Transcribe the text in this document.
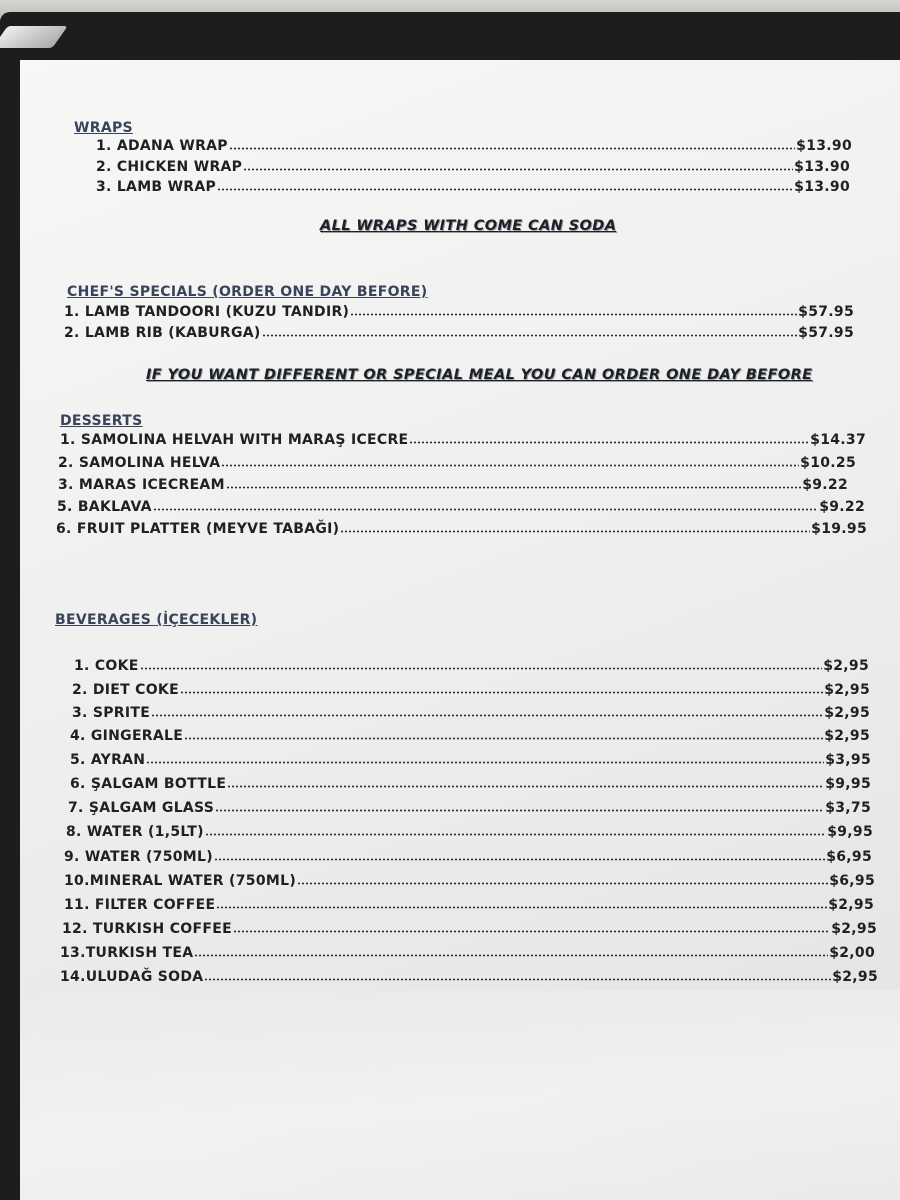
WRAPS
1. ADANA WRAP	$13.90
2. CHICKEN WRAP	$13.90
3. LAMB WRAP	$13.90
ALL WRAPS WITH COME CAN SODA
CHEF'S SPECIALS (ORDER ONE DAY BEFORE)
1. LAMB TANDOORI (KUZU TANDIR)	$57.95
2. LAMB RIB (KABURGA)	$57.95
IF YOU WANT DIFFERENT OR SPECIAL MEAL YOU CAN ORDER ONE DAY BEFORE
DESSERTS
1. SAMOLINA HELVAH WITH MARAŞ ICECRE	$14.37
2. SAMOLINA HELVA	$10.25
3. MARAS ICECREAM	$9.22
5. BAKLAVA	$9.22
6. FRUIT PLATTER (MEYVE TABAĞI)	$19.95
BEVERAGES (İÇECEKLER)
1. COKE	$2,95
2. DIET COKE	$2,95
3. SPRITE	$2,95
4. GINGERALE	$2,95
5. AYRAN	$3,95
6. ŞALGAM BOTTLE	$9,95
7. ŞALGAM GLASS	$3,75
8. WATER (1,5LT)	$9,95
9. WATER (750ML)	$6,95
10.MINERAL WATER (750ML)	$6,95
11. FILTER COFFEE	$2,95
12. TURKISH COFFEE	$2,95
13.TURKISH TEA	$2,00
14.ULUDAĞ SODA	$2,95
